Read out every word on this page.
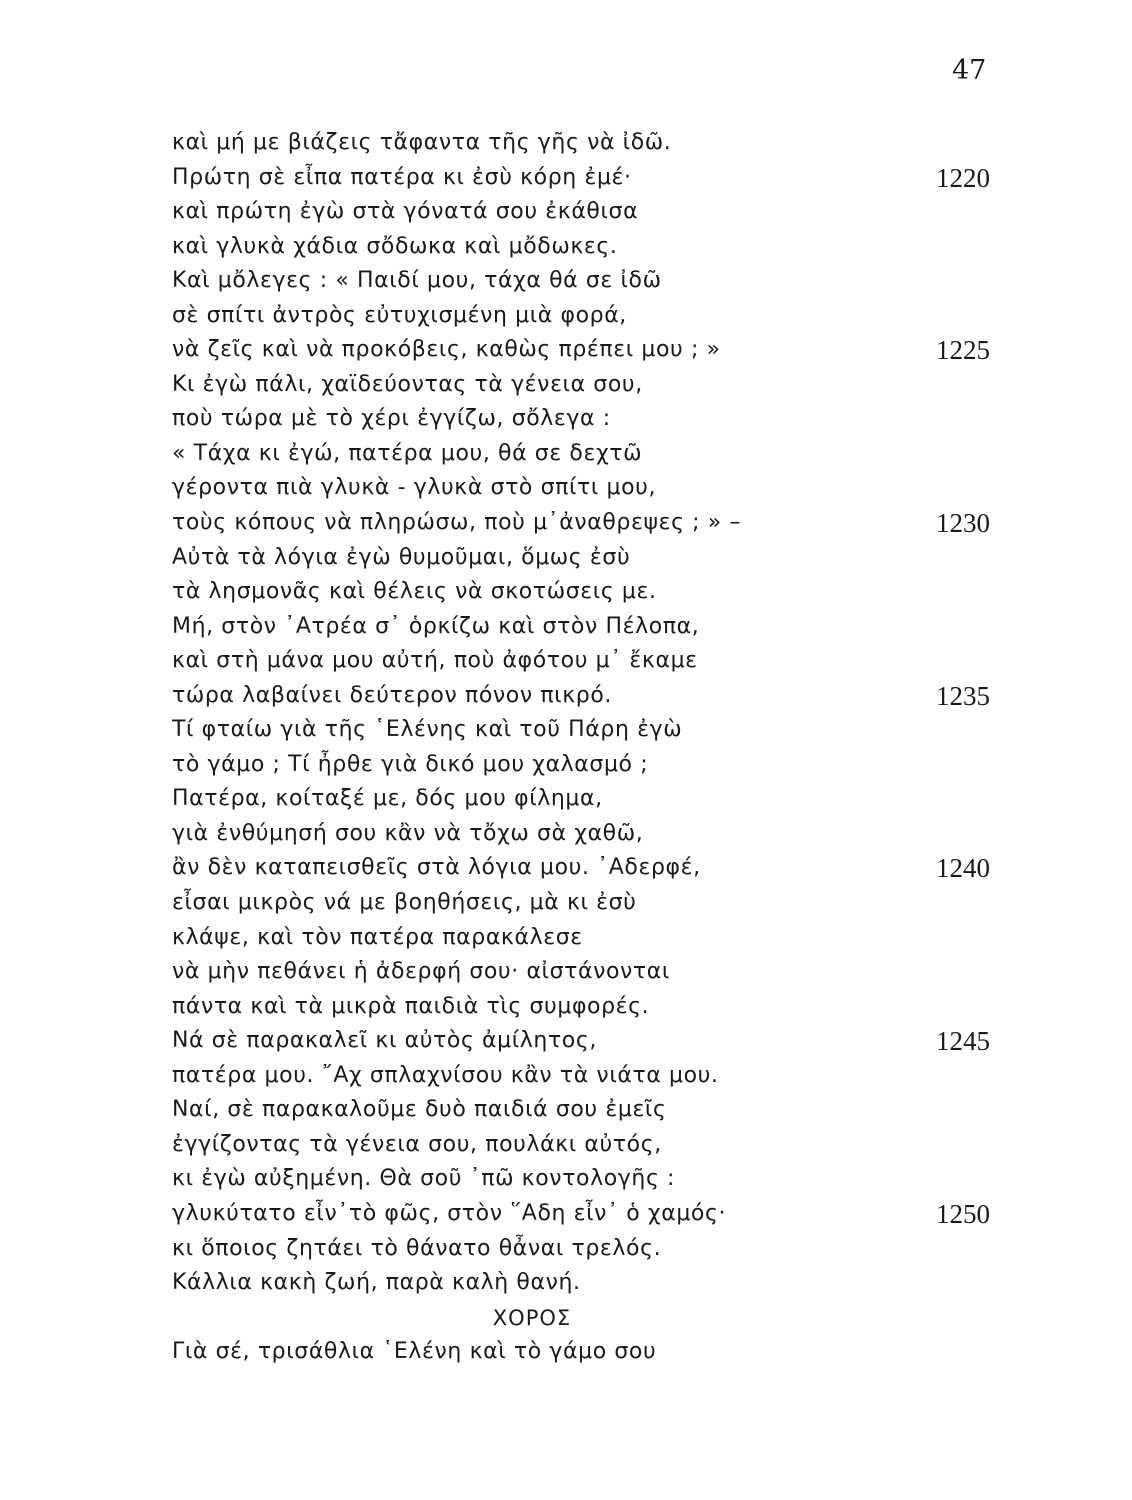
47
καὶ μή με βιάζεις τἄφαντα τῆς γῆς νὰ ἰδῶ.
Πρώτη σὲ εἶπα πατέρα κι ἐσὺ κόρη ἐμέ·	1220
καὶ πρώτη ἐγὼ στὰ γόνατά σου ἐκάθισα
καὶ γλυκὰ χάδια σὄδωκα καὶ μὄδωκες.
Καὶ μὄλεγες : « Παιδί μου, τάχα θά σε ἰδῶ
σὲ σπίτι ἀντρὸς εὐτυχισμένη μιὰ φορά,
νὰ ζεῖς καὶ νὰ προκόβεις, καθὼς πρέπει μου ; »	1225
Κι ἐγὼ πάλι, χαϊδεύοντας τὰ γένεια σου,
ποὺ τώρα μὲ τὸ χέρι ἐγγίζω, σὄλεγα :
« Τάχα κι ἐγώ, πατέρα μου, θά σε δεχτῶ
γέροντα πιὰ γλυκὰ - γλυκὰ στὸ σπίτι μου,
τοὺς κόπους νὰ πληρώσω, ποὺ μ᾽ἀναθρεψες ; » –	1230
Αὐτὰ τὰ λόγια ἐγὼ θυμοῦμαι, ὅμως ἐσὺ
τὰ λησμονᾶς καὶ θέλεις νὰ σκοτώσεις με.
Μή, στὸν ᾿Ατρέα σ᾽ ὁρκίζω καὶ στὸν Πέλοπα,
καὶ στὴ μάνα μου αὐτή, ποὺ ἀφότου μ᾽ ἔκαμε
τώρα λαβαίνει δεύτερον πόνον πικρό.	1235
Τί φταίω γιὰ τῆς ῾Ελένης καὶ τοῦ Πάρη ἐγὼ
τὸ γάμο ; Τί ἦρθε γιὰ δικό μου χαλασμό ;
Πατέρα, κοίταξέ με, δός μου φίλημα,
γιὰ ἐνθύμησή σου κἂν νὰ τὄχω σὰ χαθῶ,
ἂν δὲν καταπεισθεῖς στὰ λόγια μου. ᾿Αδερφέ,	1240
εἶσαι μικρὸς νά με βοηθήσεις, μὰ κι ἐσὺ
κλάψε, καὶ τὸν πατέρα παρακάλεσε
νὰ μὴν πεθάνει ἡ ἀδερφή σου· αἰστάνονται
πάντα καὶ τὰ μικρὰ παιδιὰ τὶς συμφορές.
Νά σὲ παρακαλεῖ κι αὐτὸς ἀμίλητος,	1245
πατέρα μου. ῎Αχ σπλαχνίσου κἂν τὰ νιάτα μου.
Ναί, σὲ παρακαλοῦμε δυὸ παιδιά σου ἐμεῖς
ἐγγίζοντας τὰ γένεια σου, πουλάκι αὐτός,
κι ἐγὼ αὐξημένη. Θὰ σοῦ ᾽πῶ κοντολογῆς :
γλυκύτατο εἶν᾽τὸ φῶς, στὸν ῞Αδη εἶν᾽ ὁ χαμός·	1250
κι ὅποιος ζητάει τὸ θάνατο θἆναι τρελός.
Κάλλια κακὴ ζωή, παρὰ καλὴ θανή.
ΧΟΡΟΣ
Γιὰ σέ, τρισάθλια ῾Ελένη καὶ τὸ γάμο σου
